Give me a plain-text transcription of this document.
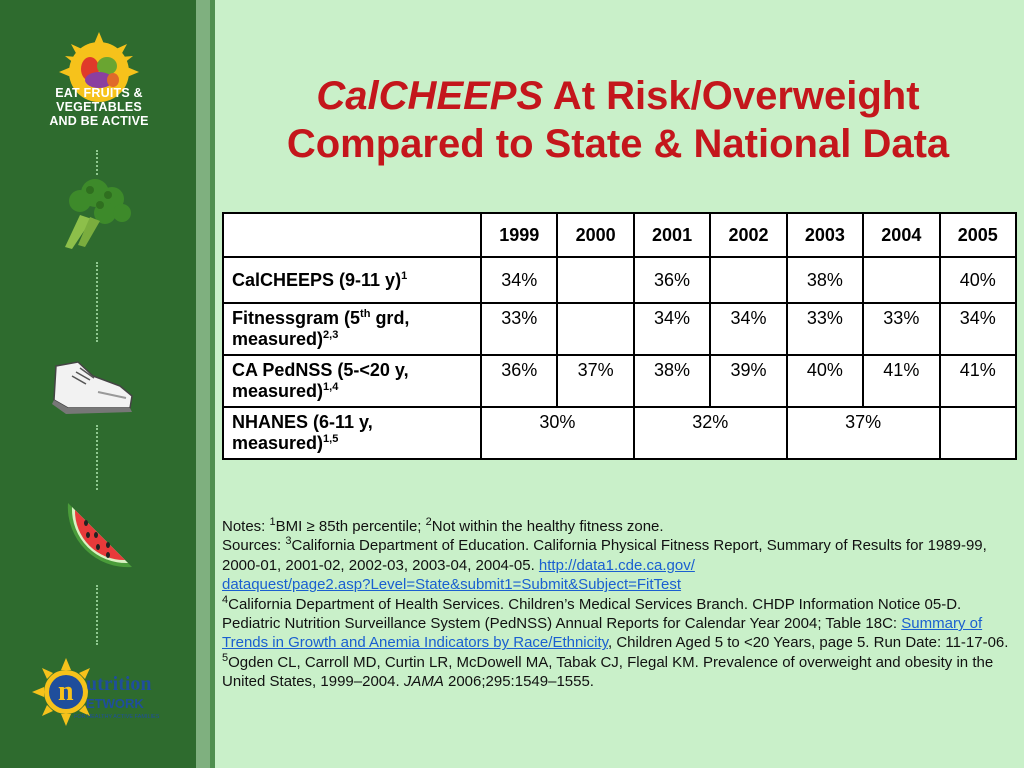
EAT FRUITS & VEGETABLES
AND BE ACTIVE
n utrition
ETWORK
FOR HEALTHY ACTIVE FAMILIES
CalCHEEPS At Risk/Overweight
Compared to State & National Data
	1999	2000	2001	2002	2003	2004	2005
CalCHEEPS (9-11 y)$^1$	34%		36%		38%		40%
Fitnessgram (5th grd, measured)$^{2,3}$	33%		34%	34%	33%	33%	34%
CA PedNSS (5-<20 y, measured)$^{1,4}$	36%	37%	38%	39%	40%	41%	41%
NHANES (6-11 y, measured)$^{1,5}$	30%		32%		37%		
Notes: $^1$BMI ≥ 85th percentile; $^2$Not within the healthy fitness zone.
Sources: $^3$California Department of Education. California Physical Fitness Report, Summary of Results for 1989-99, 2000-01, 2001-02, 2002-03, 2003-04, 2004-05. http://data1.cde.ca.gov/
dataquest/page2.asp?Level=State&submit1=Submit&Subject=FitTest
$^4$California Department of Health Services. Children’s Medical Services Branch. CHDP Information Notice 05-D. Pediatric Nutrition Surveillance System (PedNSS) Annual Reports for Calendar Year 2004; Table 18C: Summary of Trends in Growth and Anemia Indicators by Race/Ethnicity, Children Aged 5 to <20 Years, page 5. Run Date: 11-17-06.
$^5$Ogden CL, Carroll MD, Curtin LR, McDowell MA, Tabak CJ, Flegal KM. Prevalence of overweight and obesity in the United States, 1999–2004. JAMA 2006;295:1549–1555.
